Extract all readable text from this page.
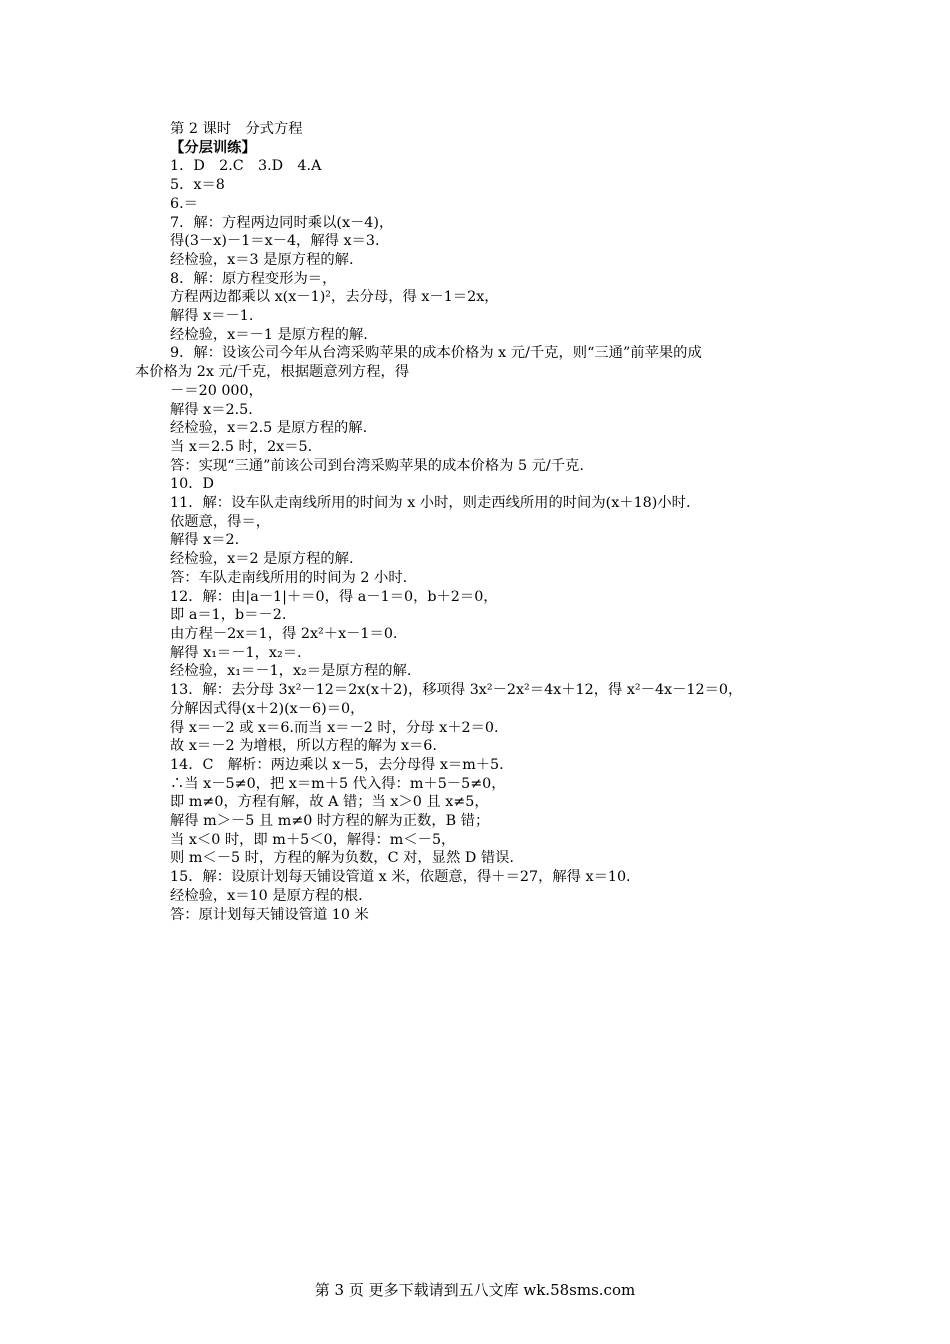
第 2 课时　分式方程
【分层训练】
1．D　2.C　3.D　4.A
5．x＝8
6.＝
7．解：方程两边同时乘以(x－4)，
得(3－x)－1＝x－4，解得 x＝3.
经检验，x＝3 是原方程的解.
8．解：原方程变形为＝，
方程两边都乘以 x(x－1)²，去分母，得 x－1＝2x，
解得 x＝－1.
经检验，x＝－1 是原方程的解.
9．解：设该公司今年从台湾采购苹果的成本价格为 x 元/千克，则“三通”前苹果的成
本价格为 2x 元/千克，根据题意列方程，得
－＝20 000，
解得 x＝2.5.
经检验，x＝2.5 是原方程的解.
当 x＝2.5 时，2x＝5.
答：实现“三通”前该公司到台湾采购苹果的成本价格为 5 元/千克.
10．D
11．解：设车队走南线所用的时间为 x 小时，则走西线所用的时间为(x＋18)小时.
依题意，得＝，
解得 x＝2.
经检验，x＝2 是原方程的解.
答：车队走南线所用的时间为 2 小时.
12．解：由|a－1|＋＝0，得 a－1＝0，b＋2＝0，
即 a＝1，b＝－2.
由方程－2x＝1，得 2x²＋x－1＝0.
解得 x₁＝－1，x₂＝.
经检验，x₁＝－1，x₂＝是原方程的解.
13．解：去分母 3x²－12＝2x(x＋2)，移项得 3x²－2x²＝4x＋12，得 x²－4x－12＝0，
分解因式得(x＋2)(x－6)＝0，
得 x＝－2 或 x＝6.而当 x＝－2 时，分母 x＋2＝0.
故 x＝－2 为增根，所以方程的解为 x＝6.
14．C　解析：两边乘以 x－5，去分母得 x＝m＋5.
∴当 x－5≠0，把 x＝m＋5 代入得：m＋5－5≠0，
即 m≠0，方程有解，故 A 错；当 x＞0 且 x≠5，
解得 m＞－5 且 m≠0 时方程的解为正数，B 错；
当 x＜0 时，即 m＋5＜0，解得：m＜－5，
则 m＜－5 时，方程的解为负数，C 对，显然 D 错误.
15．解：设原计划每天铺设管道 x 米，依题意，得＋＝27，解得 x＝10.
经检验，x＝10 是原方程的根.
答：原计划每天铺设管道 10 米
第 3 页 更多下载请到五八文库 wk.58sms.com
